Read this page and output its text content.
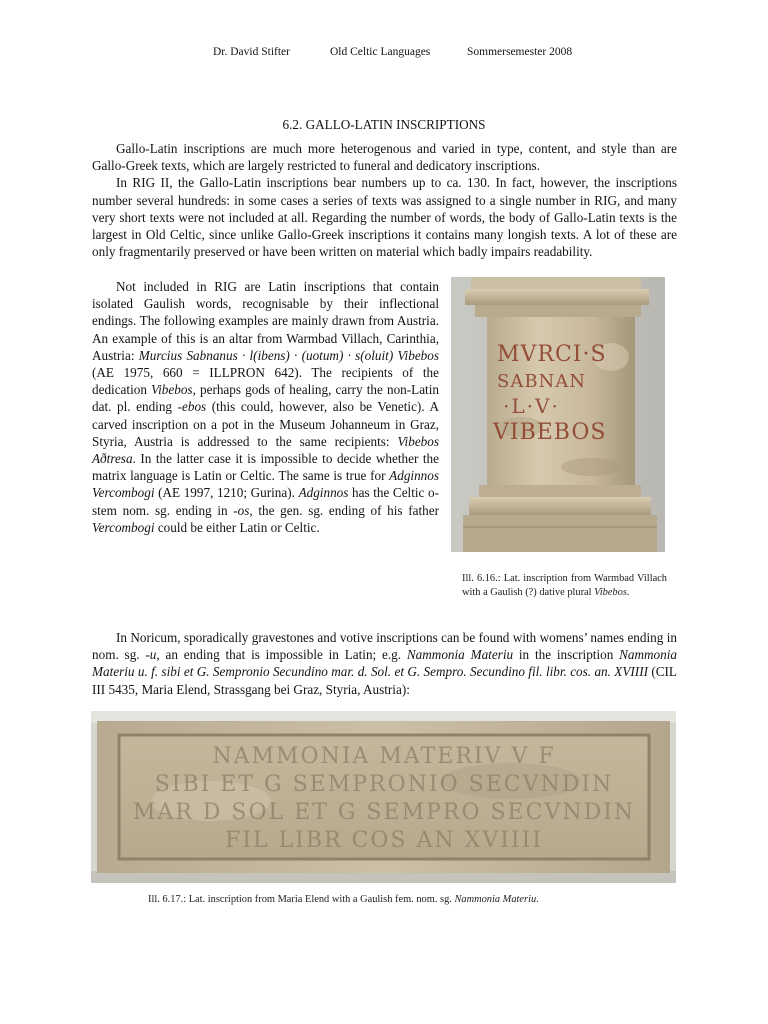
Dr. David Stifter	Old Celtic Languages	Sommersemester 2008
6.2. GALLO-LATIN INSCRIPTIONS

Gallo-Latin inscriptions are much more heterogenous and varied in type, content, and style than are Gallo-Greek texts, which are largely restricted to funeral and dedicatory inscriptions.

In RIG II, the Gallo-Latin inscriptions bear numbers up to ca. 130. In fact, however, the inscriptions number several hundreds: in some cases a series of texts was assigned to a single number in RIG, and many very short texts were not included at all. Regarding the number of words, the body of Gallo-Latin texts is the largest in Old Celtic, since unlike Gallo-Greek inscriptions it contains many longish texts. A lot of these are only fragmentarily preserved or have been written on material which badly impairs readability.

Not included in RIG are Latin inscriptions that contain isolated Gaulish words, recognisable by their inflectional endings. The following examples are mainly drawn from Austria. An example of this is an altar from Warmbad Villach, Carinthia, Austria: Murcius Sabnanus · l(ibens) · (uotum) · s(oluit) Vibebos (AE 1975, 660 = ILLPRON 642). The recipients of the dedication Vibebos, perhaps gods of healing, carry the non-Latin dat. pl. ending -ebos (this could, however, also be Venetic). A carved inscription on a pot in the Museum Johanneum in Graz, Styria, Austria is addressed to the same recipients: Vibebos Aðtresa. In the latter case it is impossible to decide whether the matrix language is Latin or Celtic. The same is true for Adginnos Vercombogi (AE 1997, 1210; Gurina). Adginnos has the Celtic o-stem nom. sg. ending in -os, the gen. sg. ending of his father Vercombogi could be either Latin or Celtic.

MVRCI·S
SABNAN
·L·V·
VIBEBOS
Ill. 6.16.: Lat. inscription from Warmbad Villach with a Gaulish (?) dative plural Vibebos.

In Noricum, sporadically gravestones and votive inscriptions can be found with womens’ names ending in nom. sg. -u, an ending that is impossible in Latin; e.g. Nammonia Materiu in the inscription Nammonia Materiu u. f. sibi et G. Sempronio Secundino mar. d. Sol. et G. Sempro. Secundino fil. libr. cos. an. XVIIII (CIL III 5435, Maria Elend, Strassgang bei Graz, Styria, Austria):

NAMMONIA MATERIV V F
SIBI ET G SEMPRONIO SECVNDIN
MAR D SOL ET G SEMPRO SECVNDIN
FIL LIBR COS AN XVIIII
Ill. 6.17.: Lat. inscription from Maria Elend with a Gaulish fem. nom. sg. Nammonia Materiu.
